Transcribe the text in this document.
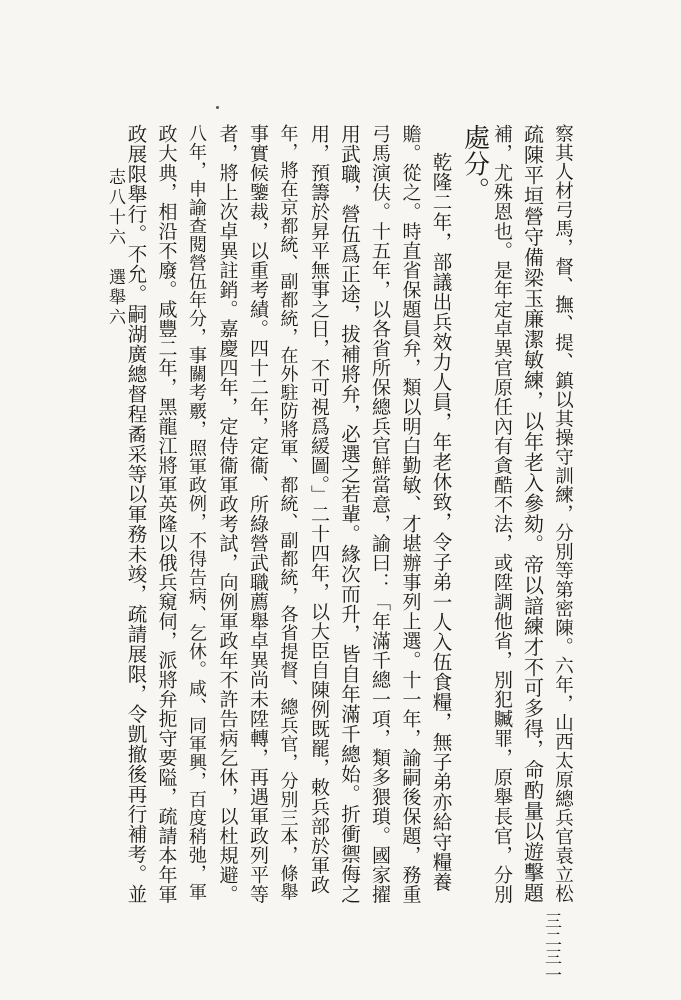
察其人材弓馬，督、撫、提、鎮以其操守訓練，分別等第密陳。六年，山西太原總兵官袁立松
疏陳平垣營守備梁玉廉潔敏練，以年老入參劾。帝以諳練才不可多得，命酌量以遊擊題
補，尤殊恩也。是年定卓異官原任內有貪酷不法，或陞調他省，別犯贓罪，原舉長官，分別
處分。
乾隆二年，部議出兵效力人員，年老休致，令子弟一人入伍食糧，無子弟亦給守糧養
贍。從之。時直省保題員弁，類以明白勤敏、才堪辦事列上選。十一年，諭嗣後保題，務重
弓馬演伕。十五年，以各省所保總兵官鮮當意，諭曰：「年滿千總一項，類多猥瑣。國家擢
用武職，營伍爲正途，拔補將弁，必選之若輩。緣次而升，皆自年滿千總始。折衝禦侮之
用，預籌於昇平無事之日，不可視爲緩圖。」二十四年，以大臣自陳例既罷，敕兵部於軍政
年，將在京都統、副都統，在外駐防將軍、都統、副都統，各省提督、總兵官，分別三本，條舉
事實候鑒裁，以重考績。四十二年，定衞、所綠營武職薦舉卓異尚未陞轉，再遇軍政列平等
者，將上次卓異註銷。嘉慶四年，定侍衞軍政考試，向例軍政年不許告病乞休，以杜規避。
八年，申諭查閱營伍年分，事關考覈，照軍政例，不得告病、乞休。咸、同軍興，百度稍弛，軍
政大典，相沿不廢。咸豐二年，黑龍江將軍英隆以俄兵窺伺，派將弁扼守要隘，疏請本年軍
政展限舉行。不允。嗣湖廣總督程矞采等以軍務未竣，疏請展限，令凱撤後再行補考。並
志八十六　選舉六
三二三一
